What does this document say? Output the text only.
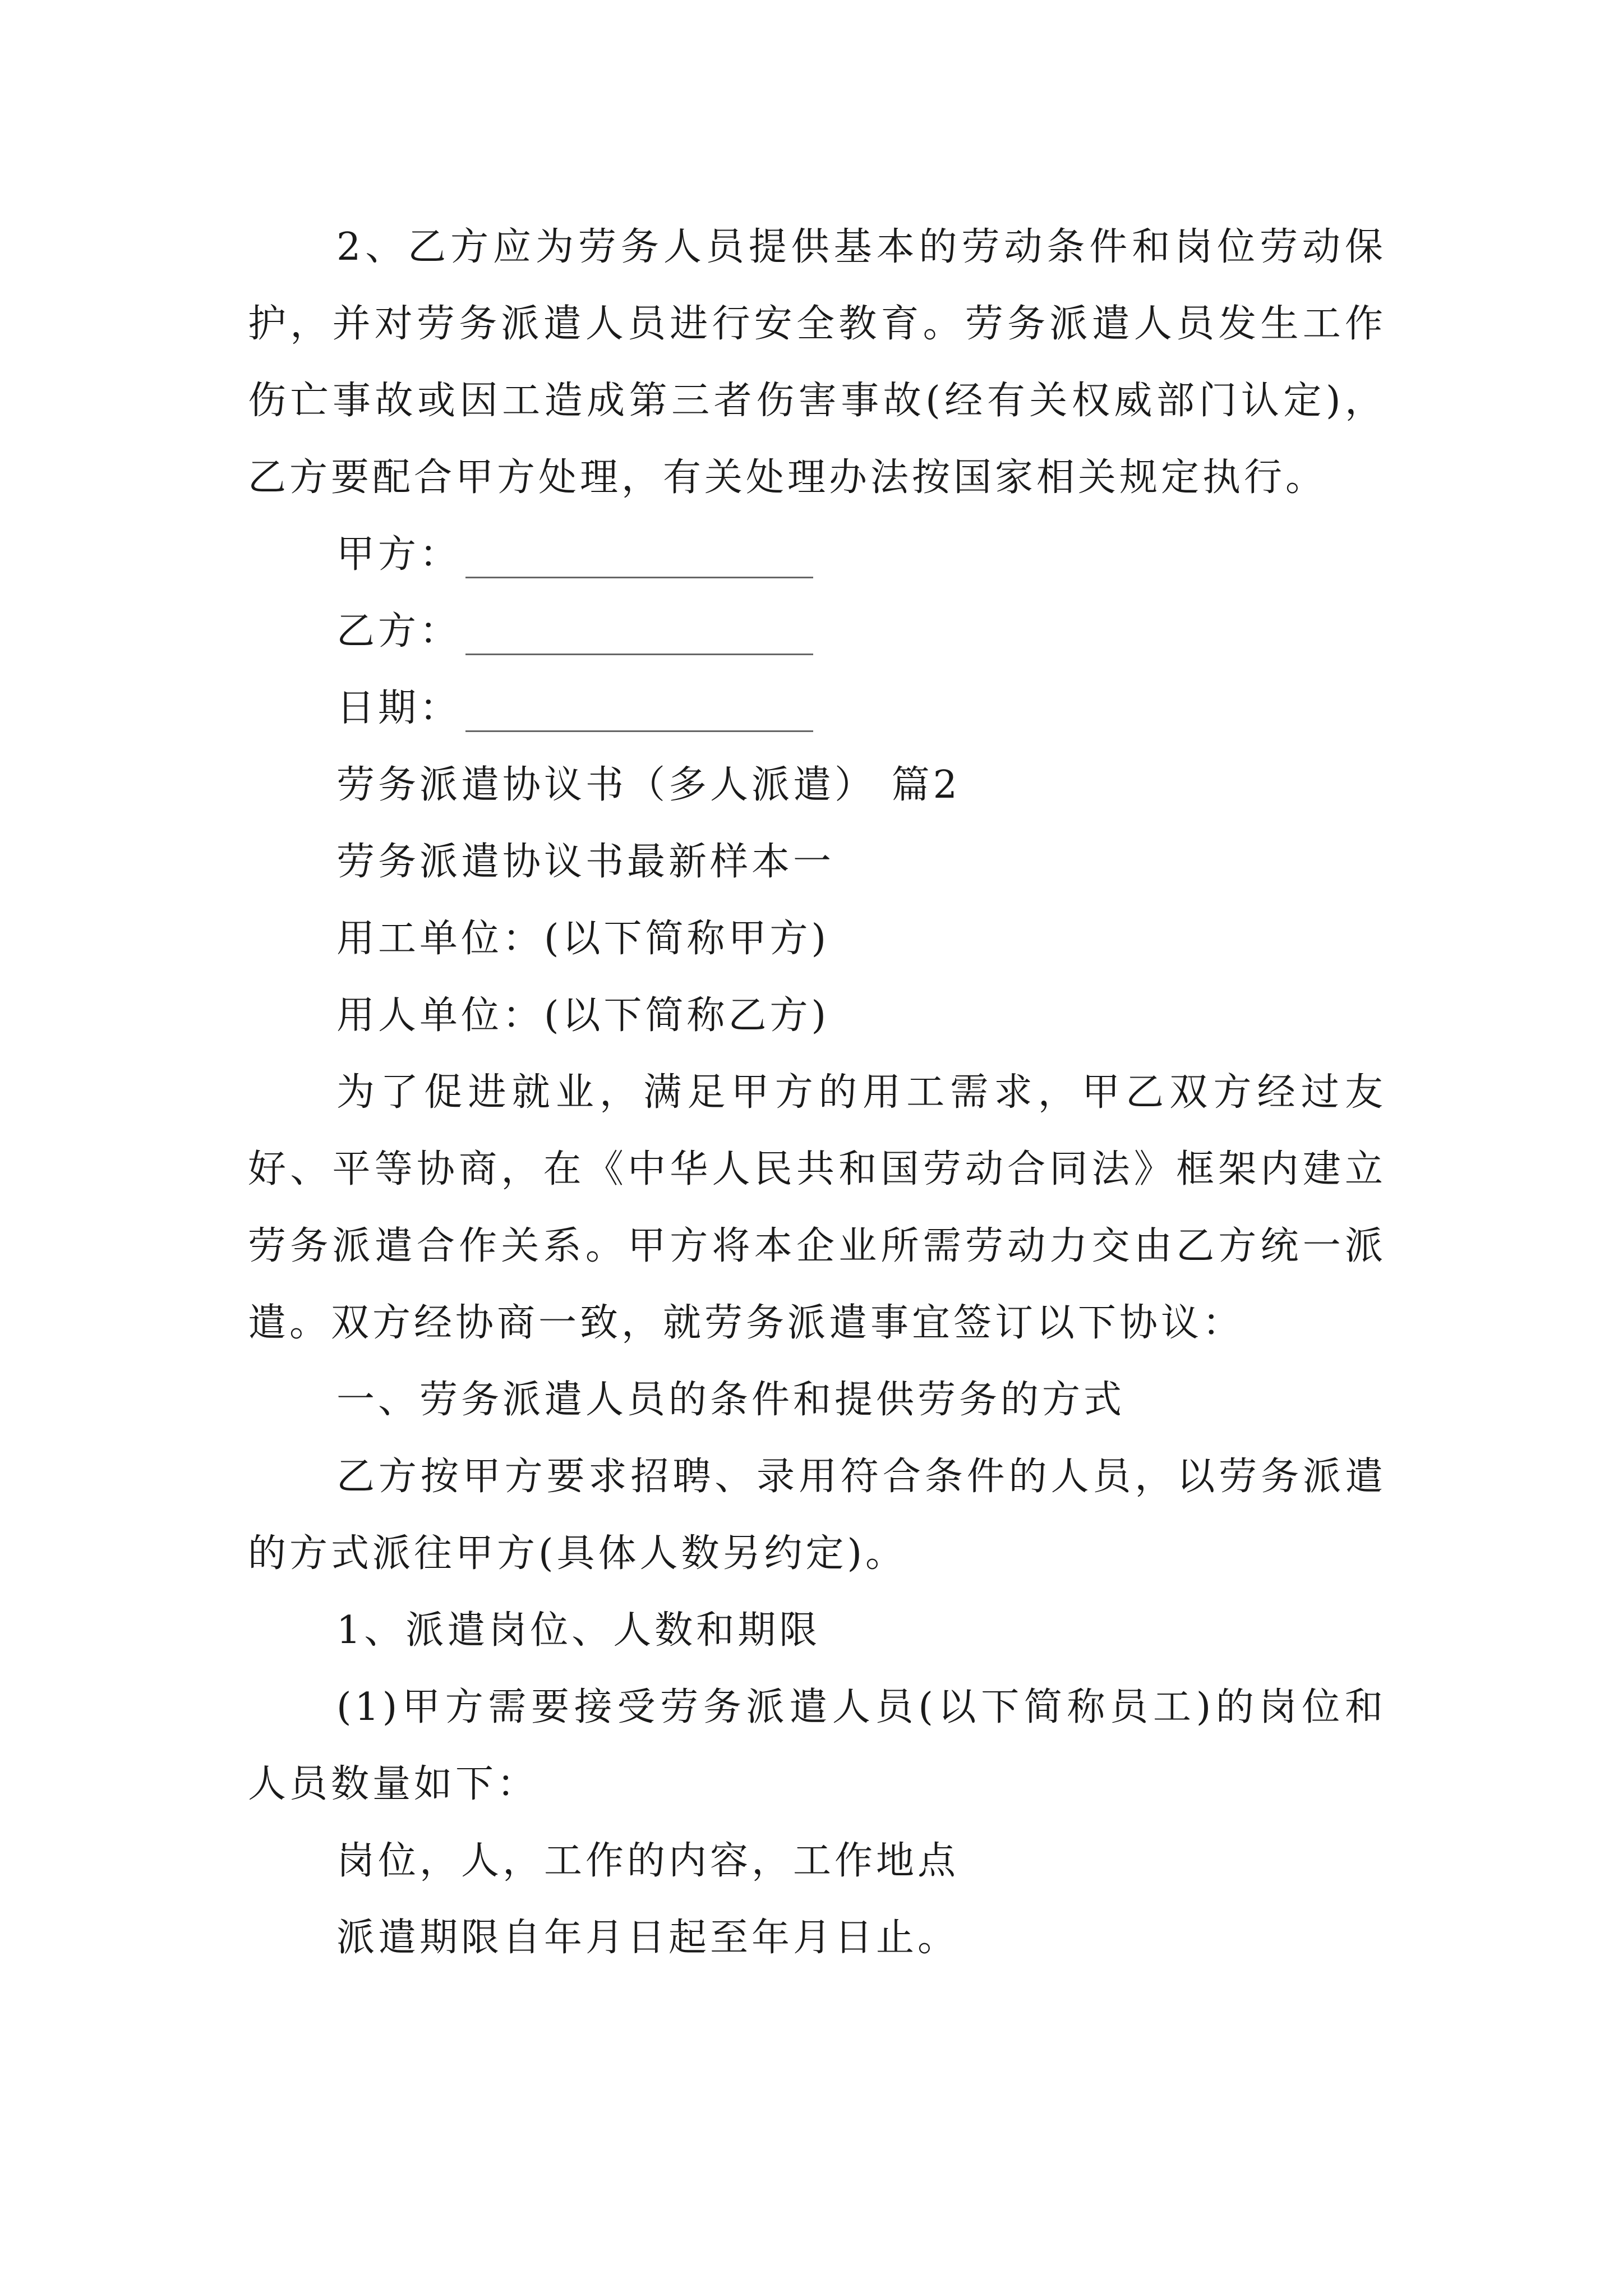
2、乙方应为劳务人员提供基本的劳动条件和岗位劳动保护，并对劳务派遣人员进行安全教育。劳务派遣人员发生工作伤亡事故或因工造成第三者伤害事故(经有关权威部门认定)，乙方要配合甲方处理，有关处理办法按国家相关规定执行。

甲方：
乙方：
日期：

劳务派遣协议书（多人派遣） 篇2

劳务派遣协议书最新样本一

用工单位：(以下简称甲方)

用人单位：(以下简称乙方)

为了促进就业，满足甲方的用工需求，甲乙双方经过友好、平等协商，在《中华人民共和国劳动合同法》框架内建立劳务派遣合作关系。甲方将本企业所需劳动力交由乙方统一派遣。双方经协商一致，就劳务派遣事宜签订以下协议：

一、劳务派遣人员的条件和提供劳务的方式

乙方按甲方要求招聘、录用符合条件的人员，以劳务派遣的方式派往甲方(具体人数另约定)。

1、派遣岗位、人数和期限

(1)甲方需要接受劳务派遣人员(以下简称员工)的岗位和人员数量如下：

岗位，人，工作的内容，工作地点

派遣期限自年月日起至年月日止。
